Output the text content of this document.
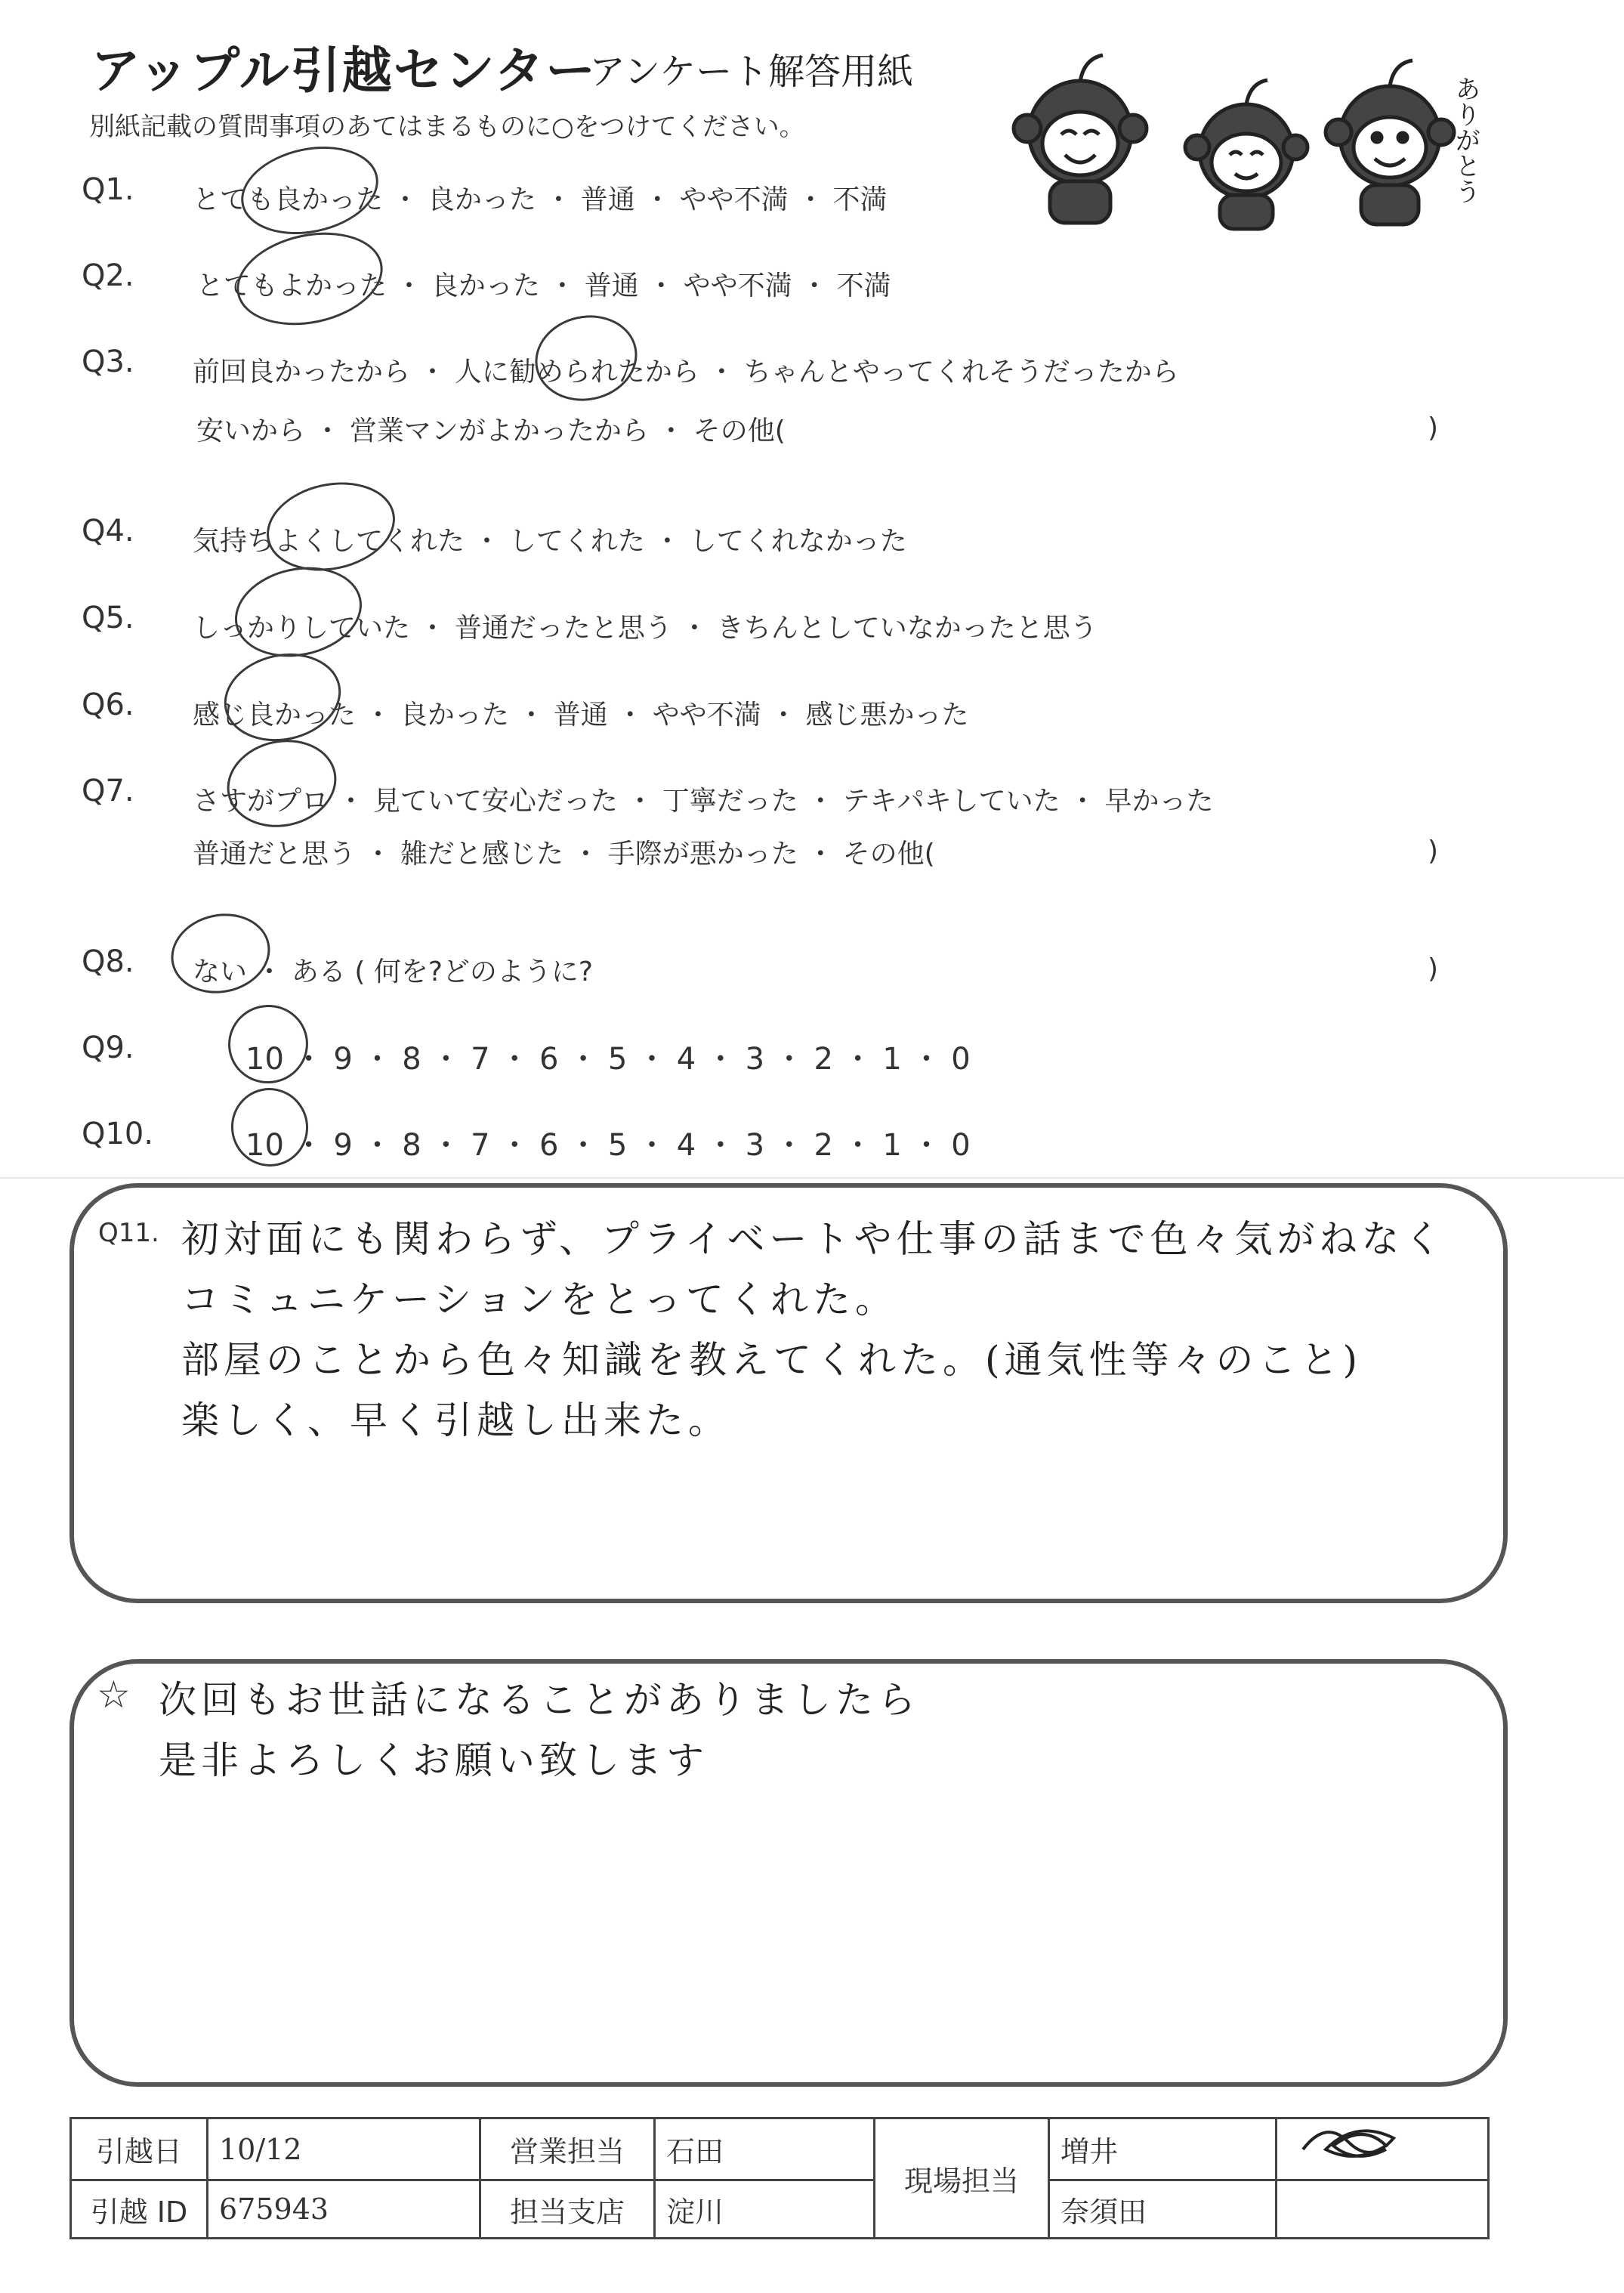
アップル引越センター
アンケート解答用紙
別紙記載の質問事項のあてはまるものに○をつけてください。	ありがとう
Q1. とても良かった ・ 良かった ・ 普通 ・ やや不満 ・ 不満
Q2. とてもよかった ・ 良かった ・ 普通 ・ やや不満 ・ 不満
Q3. 前回良かったから ・ 人に勧められたから ・ ちゃんとやってくれそうだったから
安いから ・ 営業マンがよかったから ・ その他(	)
Q4. 気持ちよくしてくれた ・ してくれた ・ してくれなかった
Q5. しっかりしていた ・ 普通だったと思う ・ きちんとしていなかったと思う
Q6. 感じ良かった ・ 良かった ・ 普通 ・ やや不満 ・ 感じ悪かった
Q7. さすがプロ ・ 見ていて安心だった ・ 丁寧だった ・ テキパキしていた ・ 早かった
普通だと思う ・ 雑だと感じた ・ 手際が悪かった ・ その他(	)
Q8. ない ・ ある ( 何を?どのように?	)
Q9.	10 ・ 9 ・ 8 ・ 7 ・ 6 ・ 5 ・ 4 ・ 3 ・ 2 ・ 1 ・ 0
Q10.	10 ・ 9 ・ 8 ・ 7 ・ 6 ・ 5 ・ 4 ・ 3 ・ 2 ・ 1 ・ 0
Q11. 初対面にも関わらず、プライベートや仕事の話まで色々気がねなく
コミュニケーションをとってくれた。
部屋のことから色々知識を教えてくれた。(通気性等々のこと)
楽しく、早く引越し出来た。
☆ 次回もお世話になることがありましたら
是非よろしくお願い致します
引越日	10/12	営業担当	石田	現場担当	増井	
引越 ID	675943	担当支店	淀川		奈須田	
